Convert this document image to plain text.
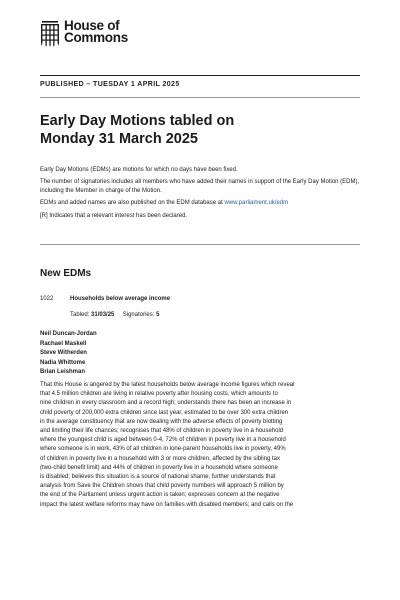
House of
Commons
PUBLISHED – TUESDAY 1 APRIL 2025
Early Day Motions tabled on
Monday 31 March 2025

Early Day Motions (EDMs) are motions for which no days have been fixed.

The number of signatories includes all members who have added their names in support of the Early Day Motion (EDM), including the Member in charge of the Motion.

EDMs and added names are also published on the EDM database at www.parliament.uk/edm

[R] Indicates that a relevant interest has been declared.

New EDMs
1022	Households below average income
Tabled: 31/03/25 Signatories: 5
Neil Duncan-Jordan
Rachael Maskell
Steve Witherden
Nadia Whittome
Brian Leishman
That this House is angered by the latest households below average income figures which reveal
that 4.5 million children are living in relative poverty after housing costs, which amounts to
nine children in every classroom and a record high; understands there has been an increase in
child poverty of 200,000 extra children since last year, estimated to be over 300 extra children
in the average constituency that are now dealing with the adverse effects of poverty blotting
and limiting their life chances; recognises that 48% of children in poverty live in a household
where the youngest child is aged between 0-4, 72% of children in poverty live in a household
where someone is in work, 43% of all children in lone-parent households live in poverty, 49%
of children in poverty live in a household with 3 or more children, affected by the sibling tax
(two-child benefit limit) and 44% of children in poverty live in a household where someone
is disabled; believes this situation is a source of national shame; further understands that
analysis from Save the Children shows that child poverty numbers will approach 5 million by
the end of the Parliament unless urgent action is taken; expresses concern at the negative
impact the latest welfare reforms may have on families with disabled members; and calls on the
